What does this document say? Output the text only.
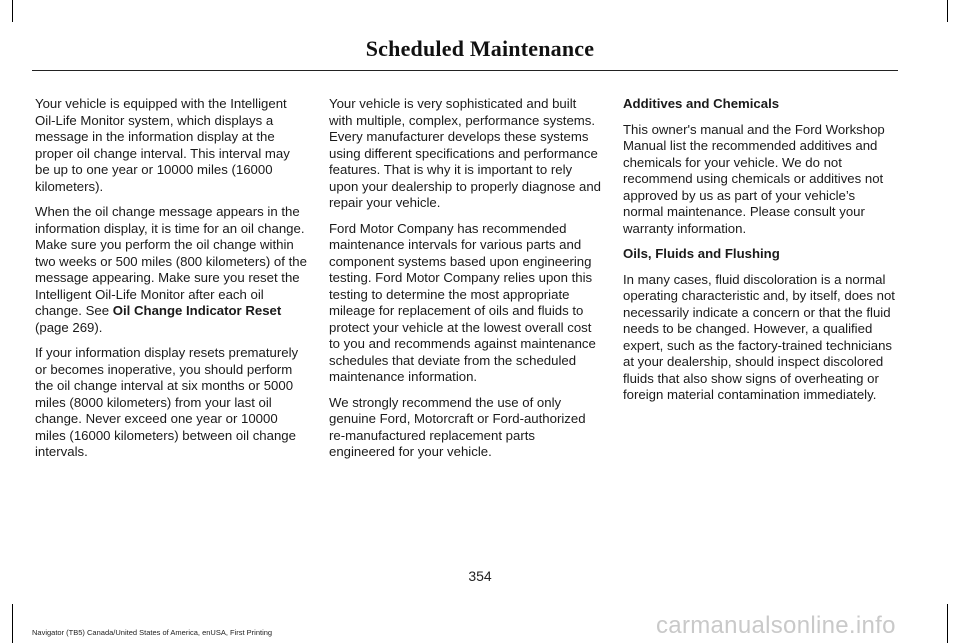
Scheduled Maintenance

Your vehicle is equipped with the Intelligent Oil-Life Monitor system, which displays a message in the information display at the proper oil change interval. This interval may be up to one year or 10000 miles (16000 kilometers).

When the oil change message appears in the information display, it is time for an oil change. Make sure you perform the oil change within two weeks or 500 miles (800 kilometers) of the message appearing. Make sure you reset the Intelligent Oil-Life Monitor after each oil change. See Oil Change Indicator Reset (page 269).

If your information display resets prematurely or becomes inoperative, you should perform the oil change interval at six months or 5000 miles (8000 kilometers) from your last oil change. Never exceed one year or 10000 miles (16000 kilometers) between oil change intervals.

Your vehicle is very sophisticated and built with multiple, complex, performance systems. Every manufacturer develops these systems using different specifications and performance features. That is why it is important to rely upon your dealership to properly diagnose and repair your vehicle.

Ford Motor Company has recommended maintenance intervals for various parts and component systems based upon engineering testing. Ford Motor Company relies upon this testing to determine the most appropriate mileage for replacement of oils and fluids to protect your vehicle at the lowest overall cost to you and recommends against maintenance schedules that deviate from the scheduled maintenance information.

We strongly recommend the use of only genuine Ford, Motorcraft or Ford-authorized re-manufactured replacement parts engineered for your vehicle.

Additives and Chemicals

This owner's manual and the Ford Workshop Manual list the recommended additives and chemicals for your vehicle. We do not recommend using chemicals or additives not approved by us as part of your vehicle’s normal maintenance. Please consult your warranty information.

Oils, Fluids and Flushing

In many cases, fluid discoloration is a normal operating characteristic and, by itself, does not necessarily indicate a concern or that the fluid needs to be changed. However, a qualified expert, such as the factory-trained technicians at your dealership, should inspect discolored fluids that also show signs of overheating or foreign material contamination immediately.

354
Navigator (TB5) Canada/United States of America, enUSA, First Printing	carmanualsonline.info
